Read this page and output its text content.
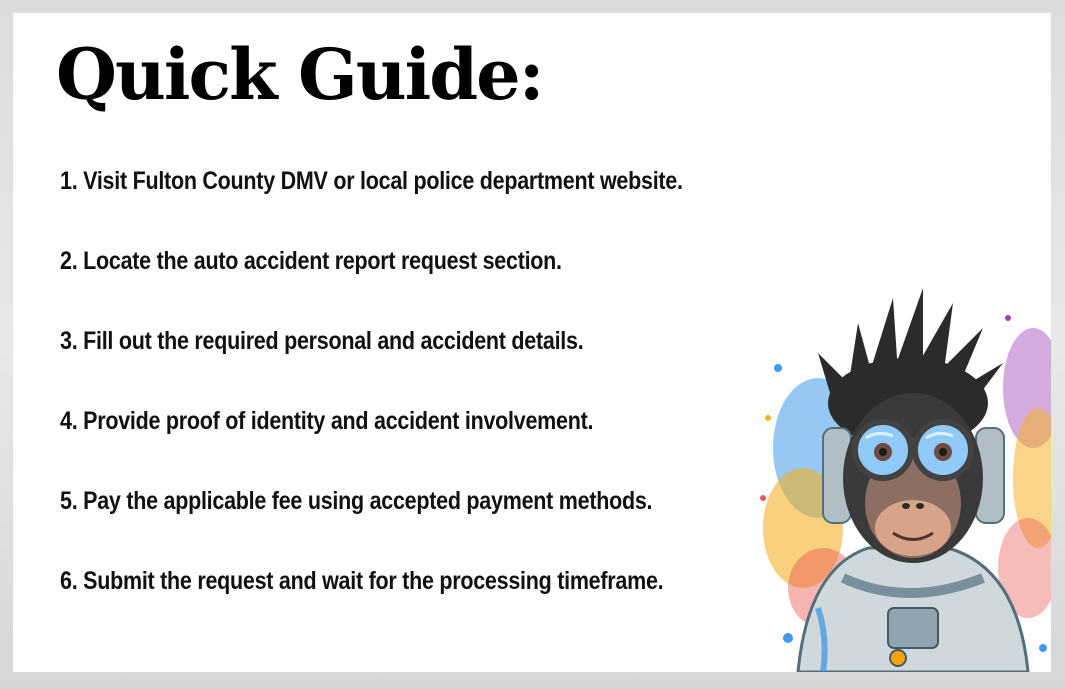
Quick Guide:
1. Visit Fulton County DMV or local police department website.
2. Locate the auto accident report request section.
3. Fill out the required personal and accident details.
4. Provide proof of identity and accident involvement.
5. Pay the applicable fee using accepted payment methods.
6. Submit the request and wait for the processing timeframe.
